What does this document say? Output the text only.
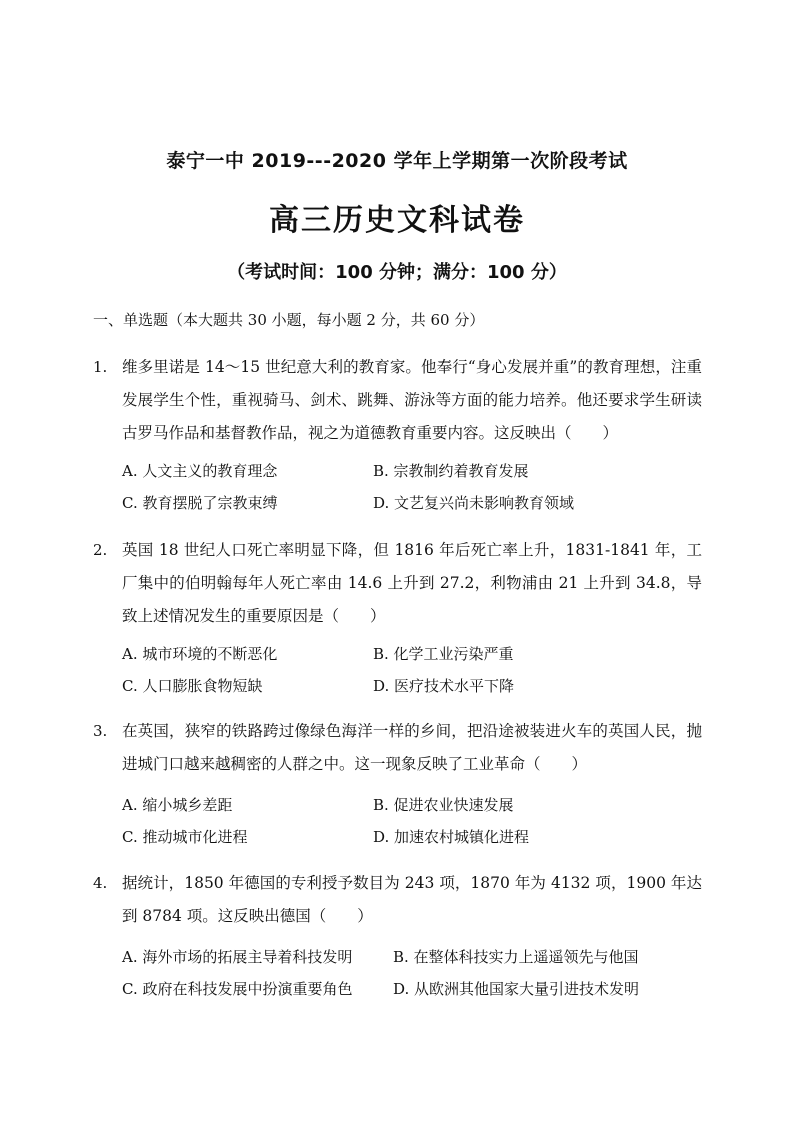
泰宁一中 2019---2020 学年上学期第一次阶段考试
高三历史文科试卷
（考试时间：100 分钟；满分：100 分）
一、单选题（本大题共 30 小题，每小题 2 分，共 60 分）
1. 维多里诺是 14～15 世纪意大利的教育家。他奉行“身心发展并重”的教育理想，注重发展学生个性，重视骑马、剑术、跳舞、游泳等方面的能力培养。他还要求学生研读古罗马作品和基督教作品，视之为道德教育重要内容。这反映出（　　）
A. 人文主义的教育理念	B. 宗教制约着教育发展
C. 教育摆脱了宗教束缚	D. 文艺复兴尚未影响教育领域
2. 英国 18 世纪人口死亡率明显下降，但 1816 年后死亡率上升，1831-1841 年，工厂集中的伯明翰每年人死亡率由 14.6 上升到 27.2，利物浦由 21 上升到 34.8，导致上述情况发生的重要原因是（　　）
A. 城市环境的不断恶化	B. 化学工业污染严重
C. 人口膨胀食物短缺	D. 医疗技术水平下降
3. 在英国，狭窄的铁路跨过像绿色海洋一样的乡间，把沿途被装进火车的英国人民，抛进城门口越来越稠密的人群之中。这一现象反映了工业革命（　　）
A. 缩小城乡差距	B. 促进农业快速发展
C. 推动城市化进程	D. 加速农村城镇化进程
4. 据统计，1850 年德国的专利授予数目为 243 项，1870 年为 4132 项，1900 年达到 8784 项。这反映出德国（　　）
A. 海外市场的拓展主导着科技发明	B. 在整体科技实力上遥遥领先与他国
C. 政府在科技发展中扮演重要角色	D. 从欧洲其他国家大量引进技术发明
